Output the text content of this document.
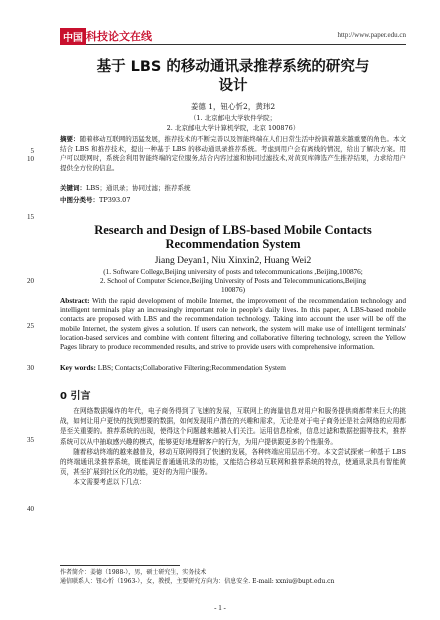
中国 科技论文在线	http://www.paper.edu.cn
5
10
15
20
25
30
35
40
基于 LBS 的移动通讯录推荐系统的研究与
设计
姜德 1，钮心忻2，黄玮2
（1. 北京邮电大学软件学院；
2. 北京邮电大学计算机学院，北京 100876）
摘要：随着移动互联网的迅猛发展，推荐技术的不断完善以及智能终端在人们日常生活中扮演着越来越重要的角色。本文结合 LBS 和推荐技术，提出一种基于 LBS 的移动通讯录推荐系统。考虑到用户会有离线的情况，给出了解决方案。用户可以联网时，系统会利用智能终端的定位服务,结合内容过滤和协同过滤技术,对黄页库筛选产生推荐结果，力求给用户提供全方位的信息。
关键词：LBS；通讯录；协同过滤；推荐系统
中图分类号：TP393.07
Research and Design of LBS-based Mobile Contacts
Recommendation System
Jiang Deyan1, Niu Xinxin2, Huang Wei2
(1. Software College,Beijing university of posts and telecommunications ,Beijing,100876;
2. School of Computer Science,Beijing University of Posts and Telecommunications,Beijing
100876)
Abstract: With the rapid development of mobile Internet, the improvement of the recommendation technology and intelligent terminals play an increasingly important role in people's daily lives. In this paper, A LBS-based mobile contacts are proposed with LBS and the recommendation technology. Taking into account the user will be off the mobile Internet, the system gives a solution. If users can network, the system will make use of intelligent terminals' location-based services and combine with content filtering and collaborative filtering technology, screen the Yellow Pages library to produce recommended results, and strive to provide users with comprehensive information.
Key words: LBS; Contacts;Collaborative Filtering;Recommendation System
0 引言

在网络数据爆炸的年代，电子商务得到了飞速的发展，互联网上的海量信息对用户和服务提供商都带来巨大的挑战，如何让用户更快的找到想要的数据，如何发现用户潜在的兴趣和需求，无论是对于电子商务还是社会网络的应用都是至关重要的。推荐系统的出现，使得这个问题越来越被人们关注。运用信息检索，信息过滤和数据挖掘等技术，推荐系统可以从中抽取感兴趣的模式，能够更好地理解客户的行为，为用户提供跟更多的个性服务。

随着移动终端的越来越普及，移动互联网得到了快速的发展，各种终端应用层出不穷。本文尝试探索一种基于 LBS 的终端通讯录推荐系统，既能满足普通通讯录的功能，又能结合移动互联网和推荐系统的特点，使通讯录具有智能黄页，甚至扩展到社区化的功能，更好的为用户服务。

本文需要考虑以下几点：

作者简介：姜德（1988-），男，硕士研究生，实务技术
通信联系人：钮心忻（1963-），女，教授，主要研究方向为：信息安全. E-mail: xxniu@bupt.edu.cn
- 1 -
